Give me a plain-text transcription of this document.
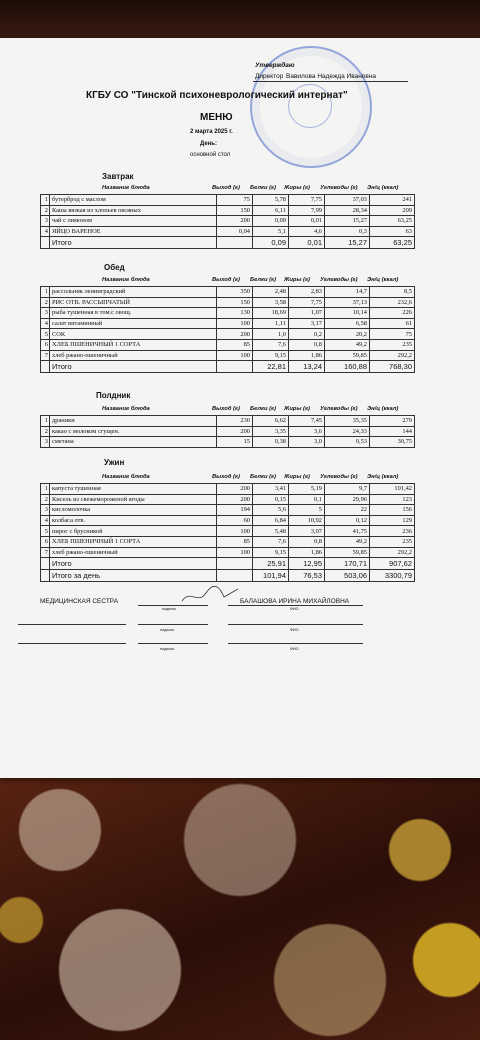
Утверждаю
Директор Вавилова Надежда Ивановна
КГБУ СО "Тинской психоневрологический интернат"
МЕНЮ
2 марта 2025 г.
День:
основной стол
Завтрак
Название блюда	Выход (г) Белки (г) Жиры (г) Углеводы (г) Эн/ц (ккал)
1	бутерброд с маслом	75	5,78	7,75	37,03	241
2	Каша вязкая из хлопьев овсяных	150	6,11	7,99	28,34	209
3	чай с лимоном	200	0,09	0,01	15,27	63,25
4	ЯЙЦО ВАРЕНОЕ	0,04	5,1	4,6	0,3	63
	Итого		0,09	0,01	15,27	63,25
Обед
Название блюда	Выход (г) Белки (г) Жиры (г) Углеводы (г) Эн/ц (ккал)
1	рассольник ленинградский	350	2,48	2,83	14,7	8,5
2	РИС ОТВ. РАССЫПЧАТЫЙ	150	3,58	7,75	37,13	232,6
3	рыба тушенная в том.с овощ.	130	18,69	1,07	10,14	226
4	салат витаминный	100	1,11	3,17	6,58	61
5	СОК	200	1,0	0,2	20,2	75
6	ХЛЕБ ПШЕНИЧНЫЙ 1 СОРТА	85	7,6	0,8	49,2	235
7	хлеб ржано-пшеничный	100	9,15	1,86	59,85	292,2
	Итого		22,81	13,24	160,88	768,30
Полдник
Название блюда	Выход (г) Белки (г) Жиры (г) Углеводы (г) Эн/ц (ккал)
1	драники	230	6,62	7,45	35,35	279
2	какао с молоком сгущен.	200	3,35	3,6	24,33	144
3	сметана	15	0,38	3,0	0,53	30,75
Ужин
Название блюда	Выход (г) Белки (г) Жиры (г) Углеводы (г) Эн/ц (ккал)
1	капуста тушенная	200	3,41	5,19	9,7	101,42
2	Кисель из свежемороженой ягоды	200	0,15	0,1	29,96	123
3	кисломолочка	194	5,6	5	22	156
4	колбаса отв.	60	6,84	10,92	0,12	129
5	пирог с брусникой	100	5,48	3,07	41,75	236
6	ХЛЕБ ПШЕНИЧНЫЙ 1 СОРТА	85	7,6	0,8	49,2	235
7	хлеб ржано-пшеничный	100	9,15	1,86	59,85	292,2
	Итого		25,91	12,95	170,71	907,62
	Итого за день		101,94	76,53	503,06	3300,79
МЕДИЦИНСКАЯ СЕСТРА	БАЛАШОВА ИРИНА МИХАЙЛОВНА
подпись	ФИО
подпись	ФИО
подпись	ФИО
